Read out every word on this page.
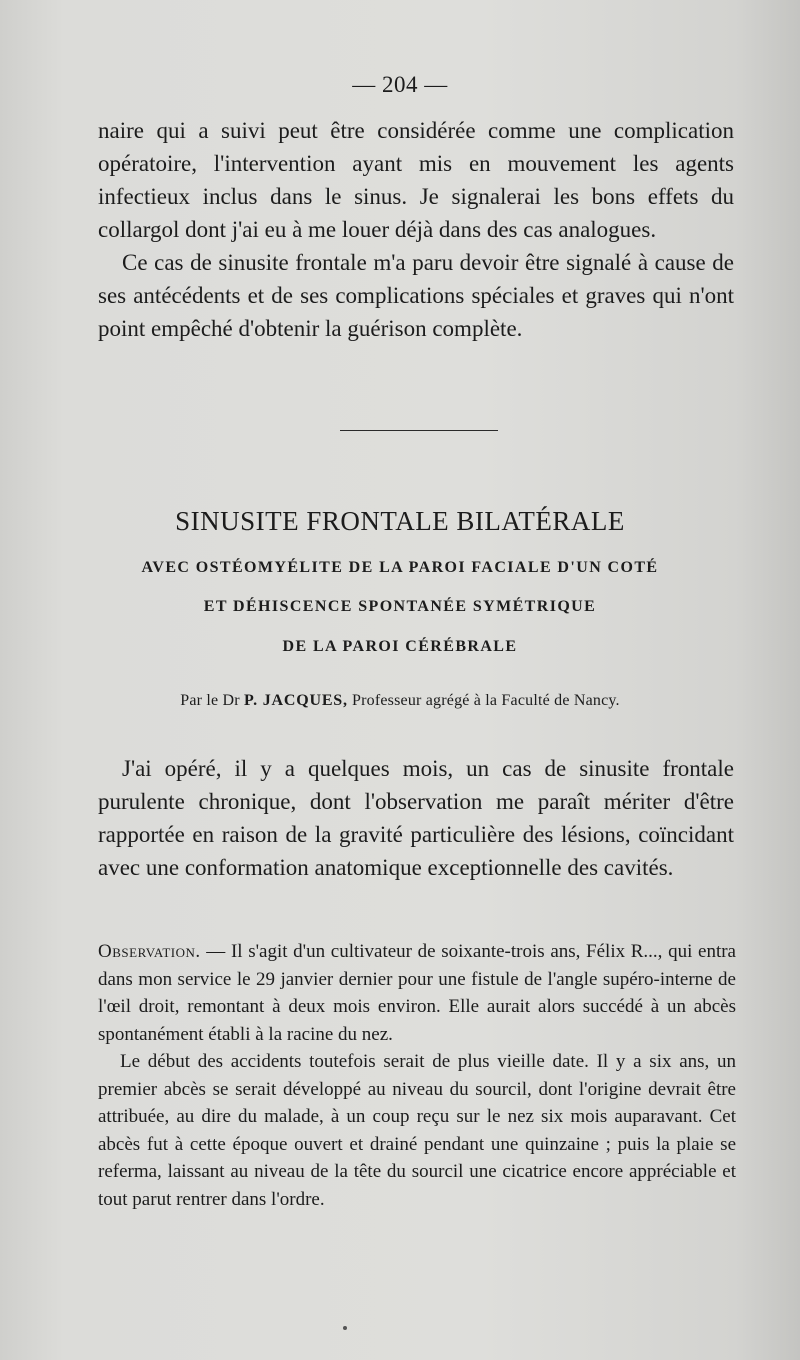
— 204 —

naire qui a suivi peut être considérée comme une complication opératoire, l'intervention ayant mis en mouvement les agents infectieux inclus dans le sinus. Je signalerai les bons effets du collargol dont j'ai eu à me louer déjà dans des cas analogues.

Ce cas de sinusite frontale m'a paru devoir être signalé à cause de ses antécédents et de ses complications spéciales et graves qui n'ont point empêché d'obtenir la guérison complète.

SINUSITE FRONTALE BILATÉRALE
AVEC OSTÉOMYÉLITE DE LA PAROI FACIALE D'UN COTÉ
ET DÉHISCENCE SPONTANÉE SYMÉTRIQUE
DE LA PAROI CÉRÉBRALE
Par le Dr P. JACQUES, Professeur agrégé à la Faculté de Nancy.

J'ai opéré, il y a quelques mois, un cas de sinusite frontale purulente chronique, dont l'observation me paraît mériter d'être rapportée en raison de la gravité particulière des lésions, coïncidant avec une conformation anatomique exceptionnelle des cavités.

Observation. — Il s'agit d'un cultivateur de soixante-trois ans, Félix R..., qui entra dans mon service le 29 janvier dernier pour une fistule de l'angle supéro-interne de l'œil droit, remontant à deux mois environ. Elle aurait alors succédé à un abcès spontanément établi à la racine du nez.

Le début des accidents toutefois serait de plus vieille date. Il y a six ans, un premier abcès se serait développé au niveau du sourcil, dont l'origine devrait être attribuée, au dire du malade, à un coup reçu sur le nez six mois auparavant. Cet abcès fut à cette époque ouvert et drainé pendant une quinzaine ; puis la plaie se referma, laissant au niveau de la tête du sourcil une cicatrice encore appréciable et tout parut rentrer dans l'ordre.
